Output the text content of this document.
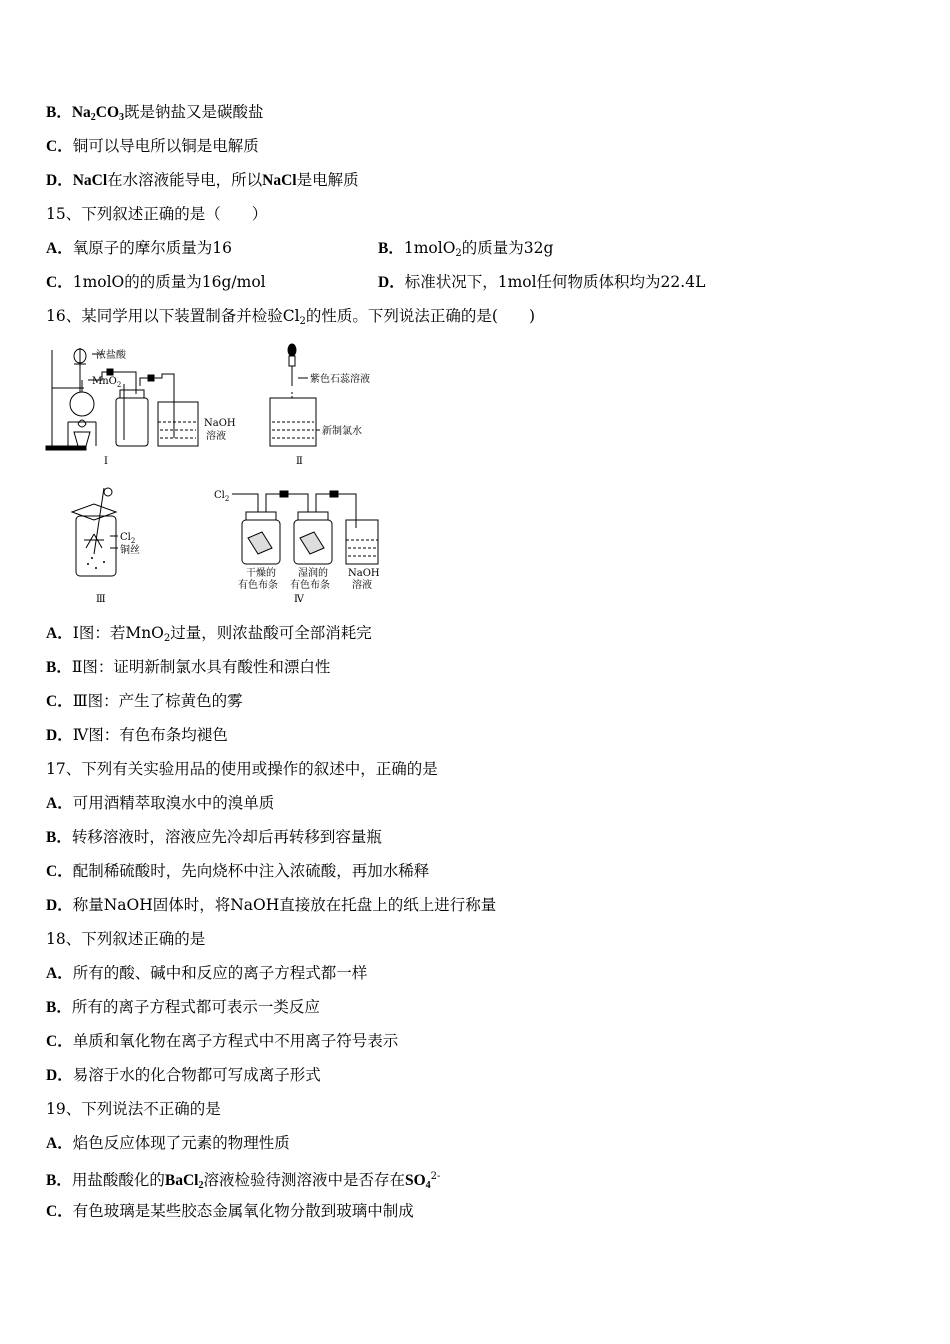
B．$Na_2CO_3$既是钠盐又是碳酸盐
C．铜可以导电所以铜是电解质
D．NaCl在水溶液能导电，所以NaCl是电解质
15、下列叙述正确的是（　　）
A．氧原子的摩尔质量为16	B．1molO$_2$的质量为32g
C．1molO的的质量为16g/mol	D．标准状况下，1mol任何物质体积均为22.4L
16、某同学用以下装置制备并检验$Cl_2$的性质。下列说法正确的是(　　)
浓盐酸
MnO$_2$
NaOH
溶液
Ⅰ
紫色石蕊溶液
新制氯水
Ⅱ
$Cl_2$
铜丝
Ⅲ
$Cl_2$
干燥的
有色布条
湿润的
有色布条
NaOH
溶液
Ⅳ
A．Ⅰ图：若MnO$_2$过量，则浓盐酸可全部消耗完
B．Ⅱ图：证明新制氯水具有酸性和漂白性
C．Ⅲ图：产生了棕黄色的雾
D．Ⅳ图：有色布条均褪色
17、下列有关实验用品的使用或操作的叙述中，正确的是
A．可用酒精萃取溴水中的溴单质
B．转移溶液时，溶液应先冷却后再转移到容量瓶
C．配制稀硫酸时，先向烧杯中注入浓硫酸，再加水稀释
D．称量NaOH固体时，将NaOH直接放在托盘上的纸上进行称量
18、下列叙述正确的是
A．所有的酸、碱中和反应的离子方程式都一样
B．所有的离子方程式都可表示一类反应
C．单质和氧化物在离子方程式中不用离子符号表示
D．易溶于水的化合物都可写成离子形式
19、下列说法不正确的是
A．焰色反应体现了元素的物理性质
B．用盐酸酸化的BaCl$_2$溶液检验待测溶液中是否存在$SO_4^{2-}$
C．有色玻璃是某些胶态金属氧化物分散到玻璃中制成
